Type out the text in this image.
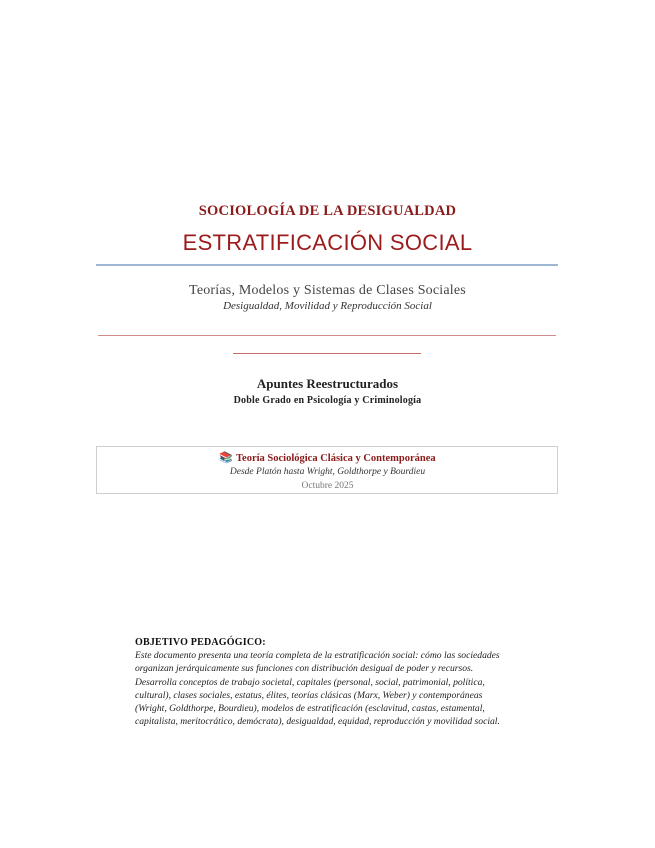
SOCIOLOGÍA DE LA DESIGUALDAD
ESTRATIFICACIÓN SOCIAL
Teorías, Modelos y Sistemas de Clases Sociales
Desigualdad, Movilidad y Reproducción Social
Apuntes Reestructurados
Doble Grado en Psicología y Criminología
📚 Teoría Sociológica Clásica y Contemporánea
Desde Platón hasta Wright, Goldthorpe y Bourdieu
Octubre 2025
OBJETIVO PEDAGÓGICO:
Este documento presenta una teoría completa de la estratificación social: cómo las sociedades
organizan jerárquicamente sus funciones con distribución desigual de poder y recursos.
Desarrolla conceptos de trabajo societal, capitales (personal, social, patrimonial, política,
cultural), clases sociales, estatus, élites, teorías clásicas (Marx, Weber) y contemporáneas
(Wright, Goldthorpe, Bourdieu), modelos de estratificación (esclavitud, castas, estamental,
capitalista, meritocrático, demócrata), desigualdad, equidad, reproducción y movilidad social.
